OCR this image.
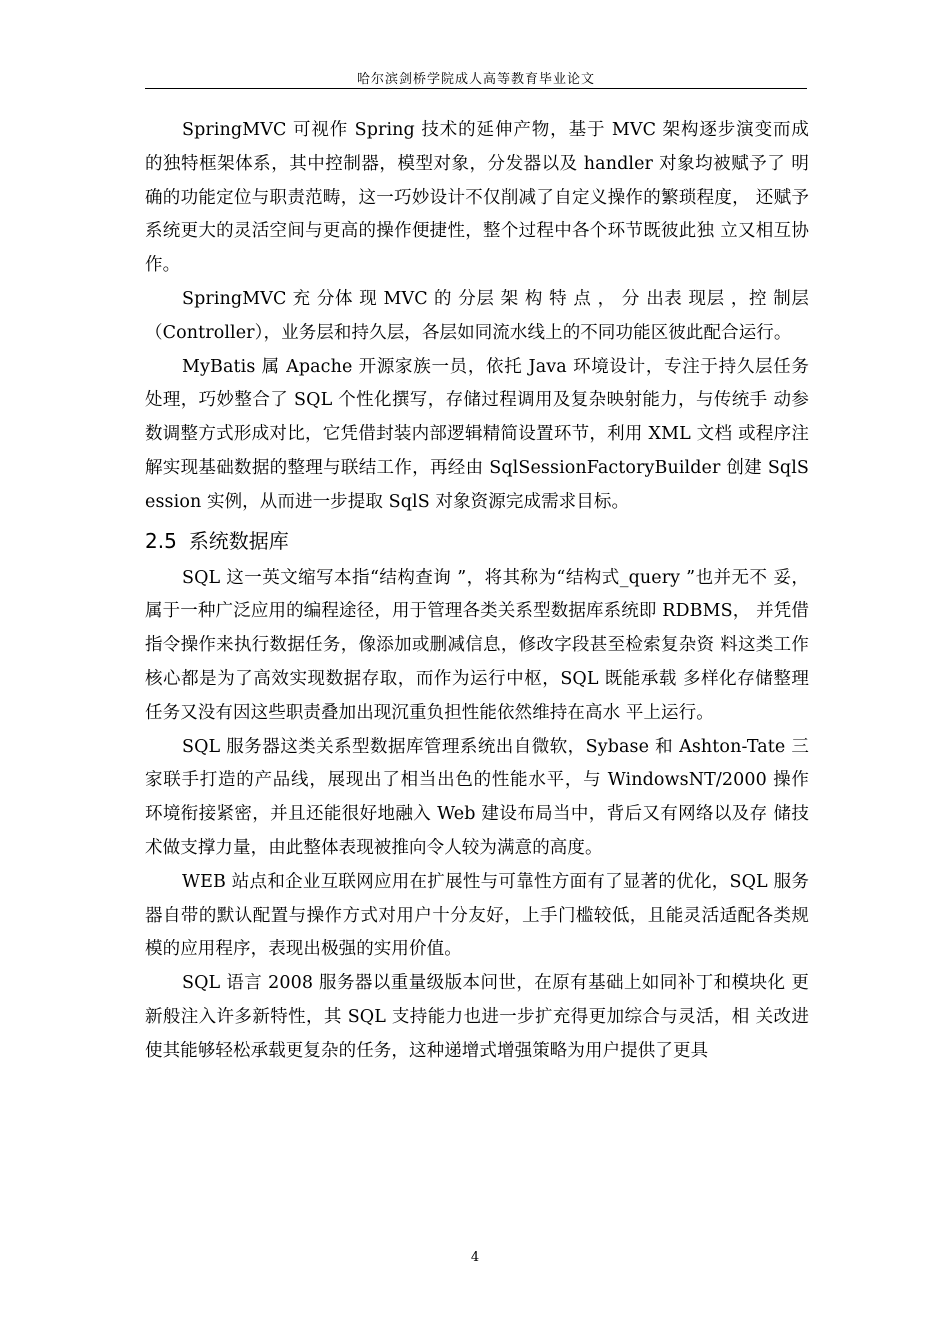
哈尔滨剑桥学院成人高等教育毕业论文

SpringMVC 可视作 Spring 技术的延伸产物，基于 MVC 架构逐步演变而成 的独特框架体系，其中控制器，模型对象，分发器以及 handler 对象均被赋予了 明确的功能定位与职责范畴，这一巧妙设计不仅削减了自定义操作的繁琐程度， 还赋予系统更大的灵活空间与更高的操作便捷性，整个过程中各个环节既彼此独 立又相互协作。

SpringMVC 充 分体 现 MVC 的 分层 架 构 特 点 ， 分 出表 现层 ，控 制层 （Controller），业务层和持久层，各层如同流水线上的不同功能区彼此配合运行。

MyBatis 属 Apache 开源家族一员，依托 Java 环境设计，专注于持久层任务 处理，巧妙整合了 SQL 个性化撰写，存储过程调用及复杂映射能力，与传统手 动参数调整方式形成对比，它凭借封装内部逻辑精简设置环节，利用 XML 文档 或程序注解实现基础数据的整理与联结工作，再经由 SqlSessionFactoryBuilder 创建 SqlSession 实例，从而进一步提取 SqlS 对象资源完成需求目标。

2.5 系统数据库

SQL 这一英文缩写本指“结构查询 ”，将其称为“结构式_query ”也并无不 妥，属于一种广泛应用的编程途径，用于管理各类关系型数据库系统即 RDBMS， 并凭借指令操作来执行数据任务，像添加或删减信息，修改字段甚至检索复杂资 料这类工作核心都是为了高效实现数据存取，而作为运行中枢，SQL 既能承载 多样化存储整理任务又没有因这些职责叠加出现沉重负担性能依然维持在高水 平上运行。

SQL 服务器这类关系型数据库管理系统出自微软，Sybase 和 Ashton-Tate 三 家联手打造的产品线，展现出了相当出色的性能水平，与 WindowsNT/2000 操作 环境衔接紧密，并且还能很好地融入 Web 建设布局当中，背后又有网络以及存 储技术做支撑力量，由此整体表现被推向令人较为满意的高度。

WEB 站点和企业互联网应用在扩展性与可靠性方面有了显著的优化，SQL 服务器自带的默认配置与操作方式对用户十分友好，上手门槛较低，且能灵活适配各类规模的应用程序，表现出极强的实用价值。

SQL 语言 2008 服务器以重量级版本问世，在原有基础上如同补丁和模块化 更新般注入许多新特性，其 SQL 支持能力也进一步扩充得更加综合与灵活，相 关改进使其能够轻松承载更复杂的任务，这种递增式增强策略为用户提供了更具

4
